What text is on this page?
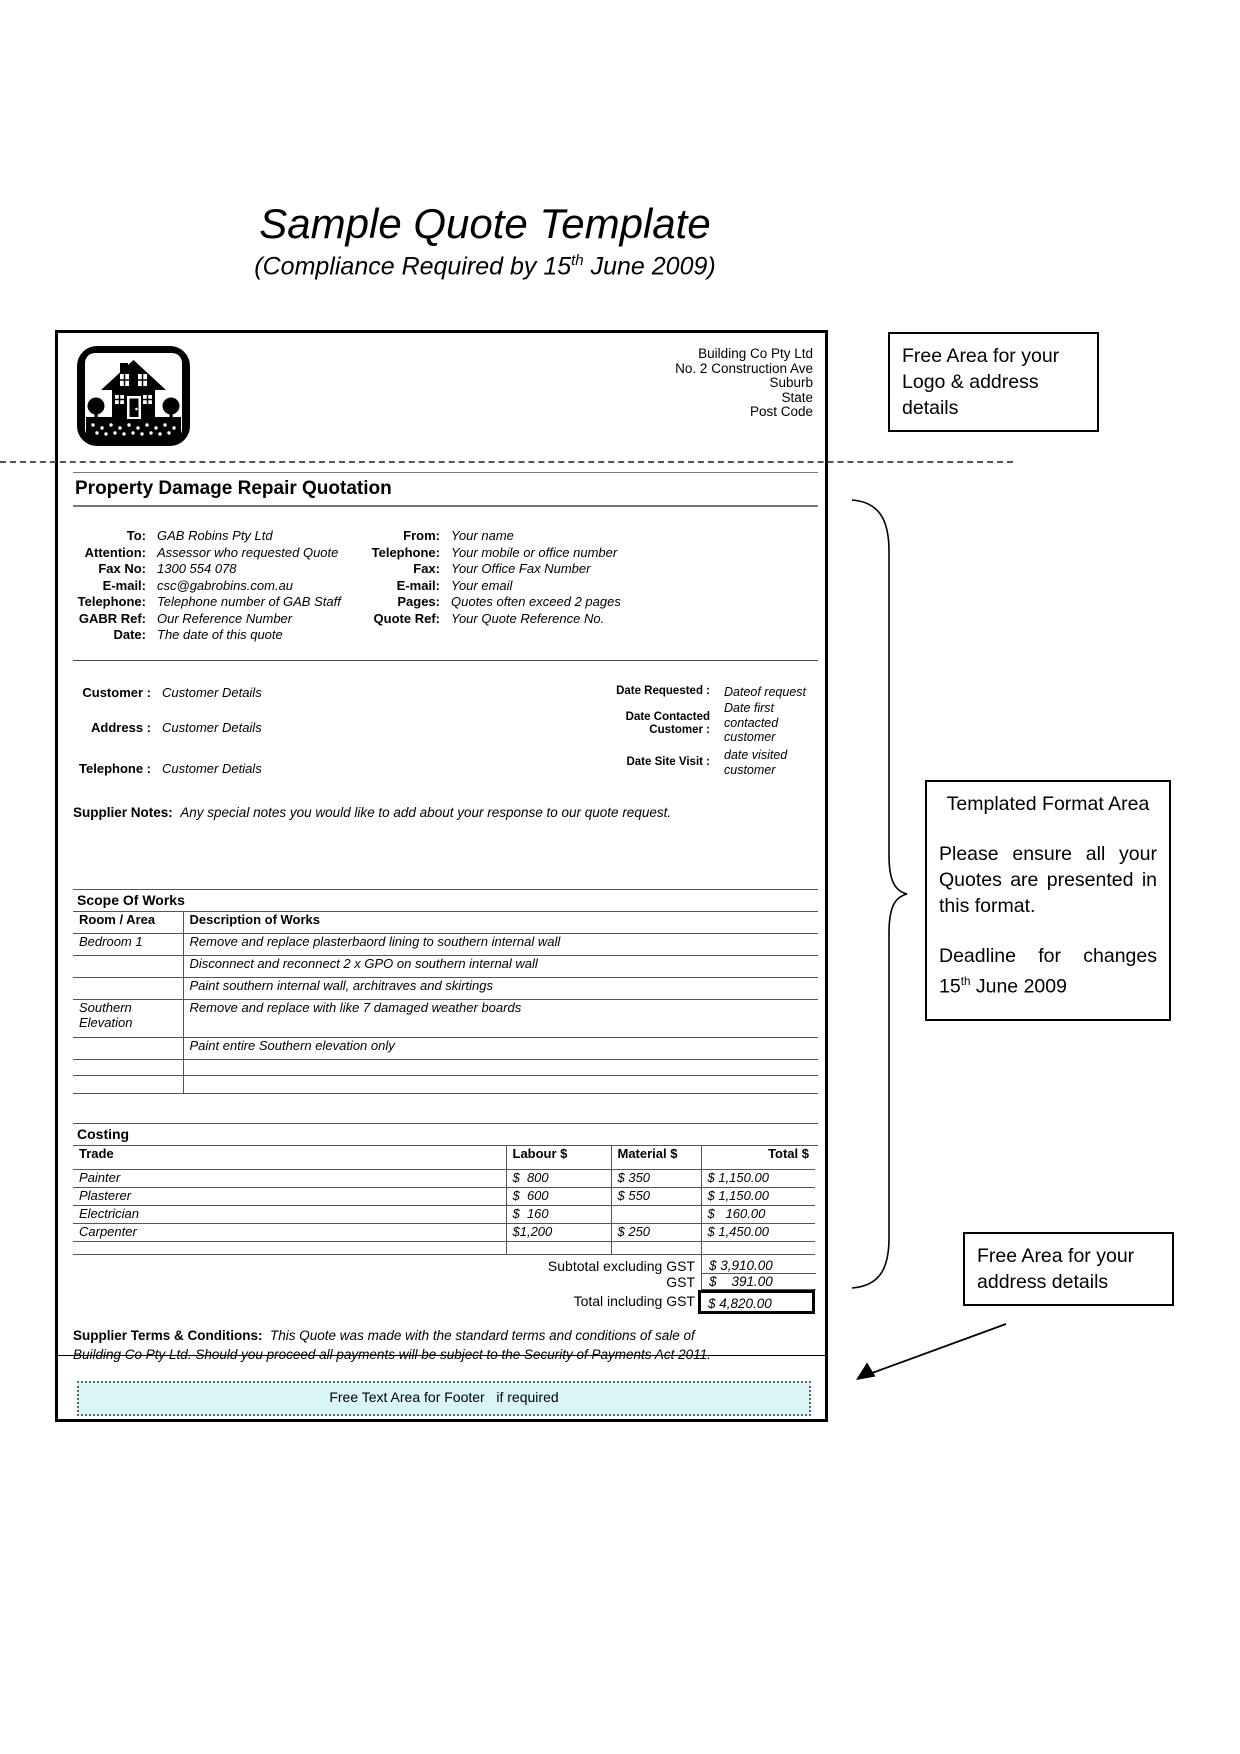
Sample Quote Template
(Compliance Required by 15th June 2009)
Building Co Pty Ltd
No. 2 Construction Ave
Suburb
State
Post Code
Property Damage Repair Quotation
To: GAB Robins Pty Ltd
Attention: Assessor who requested Quote
Fax No: 1300 554 078
E-mail: csc@gabrobins.com.au
Telephone: Telephone number of GAB Staff
GABR Ref: Our Reference Number
Date: The date of this quote
From: Your name
Telephone: Your mobile or office number
Fax: Your Office Fax Number
E-mail: Your email
Pages: Quotes often exceed 2 pages
Quote Ref: Your Quote Reference No.
Customer : Customer Details
Address : Customer Details
Telephone : Customer Detials
Date Requested : Dateof request
Date Contacted Customer :
Date first contacted customer
Date Site Visit : date visited customer
Supplier Notes: Any special notes you would like to add about your response to our quote request.
Scope Of Works
Room / Area	Description of Works
Bedroom 1	Remove and replace plasterbaord lining to southern internal wall
	Disconnect and reconnect 2 x GPO on southern internal wall
	Paint southern internal wall, architraves and skirtings
Southern Elevation	Remove and replace with like 7 damaged weather boards
	Paint entire Southern elevation only

Costing
Trade	Labour $	Material $	Total $
Painter	$  800	$ 350	$ 1,150.00
Plasterer	$  600	$ 550	$ 1,150.00
Electrician	$  160		$   160.00
Carpenter	$1,200	$ 250	$ 1,450.00

Subtotal excluding GST	$ 3,910.00
GST	$    391.00
Total including GST $ 4,820.00
Supplier Terms & Conditions: This Quote was made with the standard terms and conditions of sale of
Building Co Pty Ltd. Should you proceed all payments will be subject to the Security of Payments Act 2011.
Free Text Area for Footer   if required
Free Area for your Logo & address details
Templated Format Area
Please ensure all your Quotes are presented in this format.
Deadline for changes 15th June 2009
Free Area for your address details
